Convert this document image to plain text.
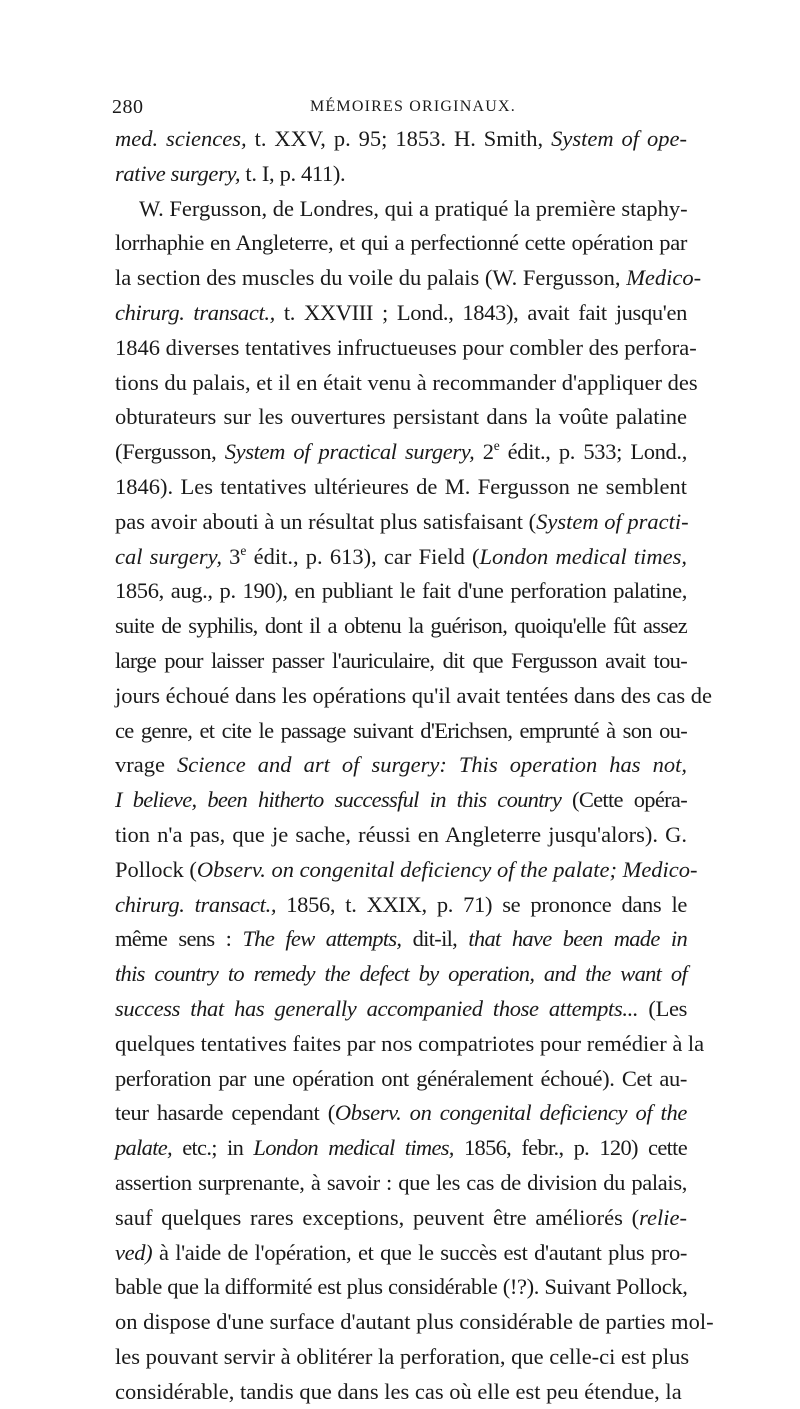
280	MÉMOIRES ORIGINAUX.
med. sciences, t. XXV, p. 95; 1853. H. Smith, System of ope-
rative surgery, t. I, p. 411).
W. Fergusson, de Londres, qui a pratiqué la première staphy-
lorrhaphie en Angleterre, et qui a perfectionné cette opération par
la section des muscles du voile du palais (W. Fergusson, Medico-
chirurg. transact., t. XXVIII ; Lond., 1843), avait fait jusqu'en
1846 diverses tentatives infructueuses pour combler des perfora-
tions du palais, et il en était venu à recommander d'appliquer des
obturateurs sur les ouvertures persistant dans la voûte palatine
(Fergusson, System of practical surgery, 2e édit., p. 533; Lond.,
1846). Les tentatives ultérieures de M. Fergusson ne semblent
pas avoir abouti à un résultat plus satisfaisant (System of practi-
cal surgery, 3e édit., p. 613), car Field (London medical times,
1856, aug., p. 190), en publiant le fait d'une perforation palatine,
suite de syphilis, dont il a obtenu la guérison, quoiqu'elle fût assez
large pour laisser passer l'auriculaire, dit que Fergusson avait tou-
jours échoué dans les opérations qu'il avait tentées dans des cas de
ce genre, et cite le passage suivant d'Erichsen, emprunté à son ou-
vrage Science and art of surgery: This operation has not,
I believe, been hitherto successful in this country (Cette opéra-
tion n'a pas, que je sache, réussi en Angleterre jusqu'alors). G.
Pollock (Observ. on congenital deficiency of the palate; Medico-
chirurg. transact., 1856, t. XXIX, p. 71) se prononce dans le
même sens : The few attempts, dit-il, that have been made in
this country to remedy the defect by operation, and the want of
success that has generally accompanied those attempts... (Les
quelques tentatives faites par nos compatriotes pour remédier à la
perforation par une opération ont généralement échoué). Cet au-
teur hasarde cependant (Observ. on congenital deficiency of the
palate, etc.; in London medical times, 1856, febr., p. 120) cette
assertion surprenante, à savoir : que les cas de division du palais,
sauf quelques rares exceptions, peuvent être améliorés (relie-
ved) à l'aide de l'opération, et que le succès est d'autant plus pro-
bable que la difformité est plus considérable (!?). Suivant Pollock,
on dispose d'une surface d'autant plus considérable de parties mol-
les pouvant servir à oblitérer la perforation, que celle-ci est plus
considérable, tandis que dans les cas où elle est peu étendue, la
